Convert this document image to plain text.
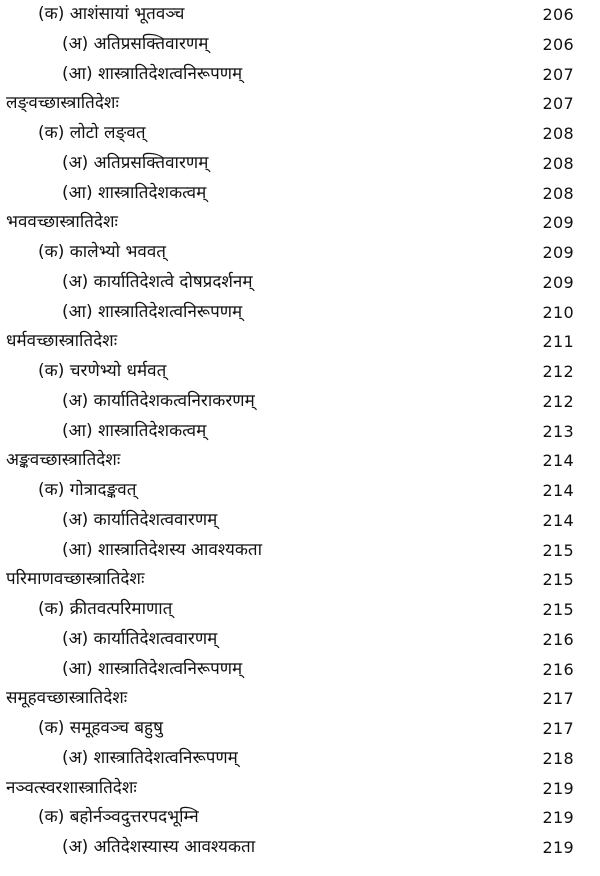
(क) आशंसायां भूतवञ्च	206
(अ) अतिप्रसक्तिवारणम्	206
(आ) शास्त्रातिदेशत्वनिरूपणम्	207
लङ्वच्छास्त्रातिदेशः	207
(क) लोटो लङ्वत्	208
(अ) अतिप्रसक्तिवारणम्	208
(आ) शास्त्रातिदेशकत्वम्	208
भववच्छास्त्रातिदेशः	209
(क) कालेभ्यो भववत्	209
(अ) कार्यातिदेशत्वे दोषप्रदर्शनम्	209
(आ) शास्त्रातिदेशत्वनिरूपणम्	210
धर्मवच्छास्त्रातिदेशः	211
(क) चरणेभ्यो धर्मवत्	212
(अ) कार्यातिदेशकत्वनिराकरणम्	212
(आ) शास्त्रातिदेशकत्वम्	213
अङ्कवच्छास्त्रातिदेशः	214
(क) गोत्राद‌ङ्कवत्	214
(अ) कार्यातिदेशत्ववारणम्	214
(आ) शास्त्रातिदेशस्य आवश्यकता	215
परिमाणवच्छास्त्रातिदेशः	215
(क) क्रीतवत्परिमाणात्	215
(अ) कार्यातिदेशत्ववारणम्	216
(आ) शास्त्रातिदेशत्वनिरूपणम्	216
समूहवच्छास्त्रातिदेशः	217
(क) समूहवञ्च बहुषु	217
(अ) शास्त्रातिदेशत्वनिरूपणम्	218
नञ्वत्स्वरशास्त्रातिदेशः	219
(क) बहोर्नञ्वदुत्तरपदभूम्नि	219
(अ) अतिदेशस्यास्य आवश्यकता	219
